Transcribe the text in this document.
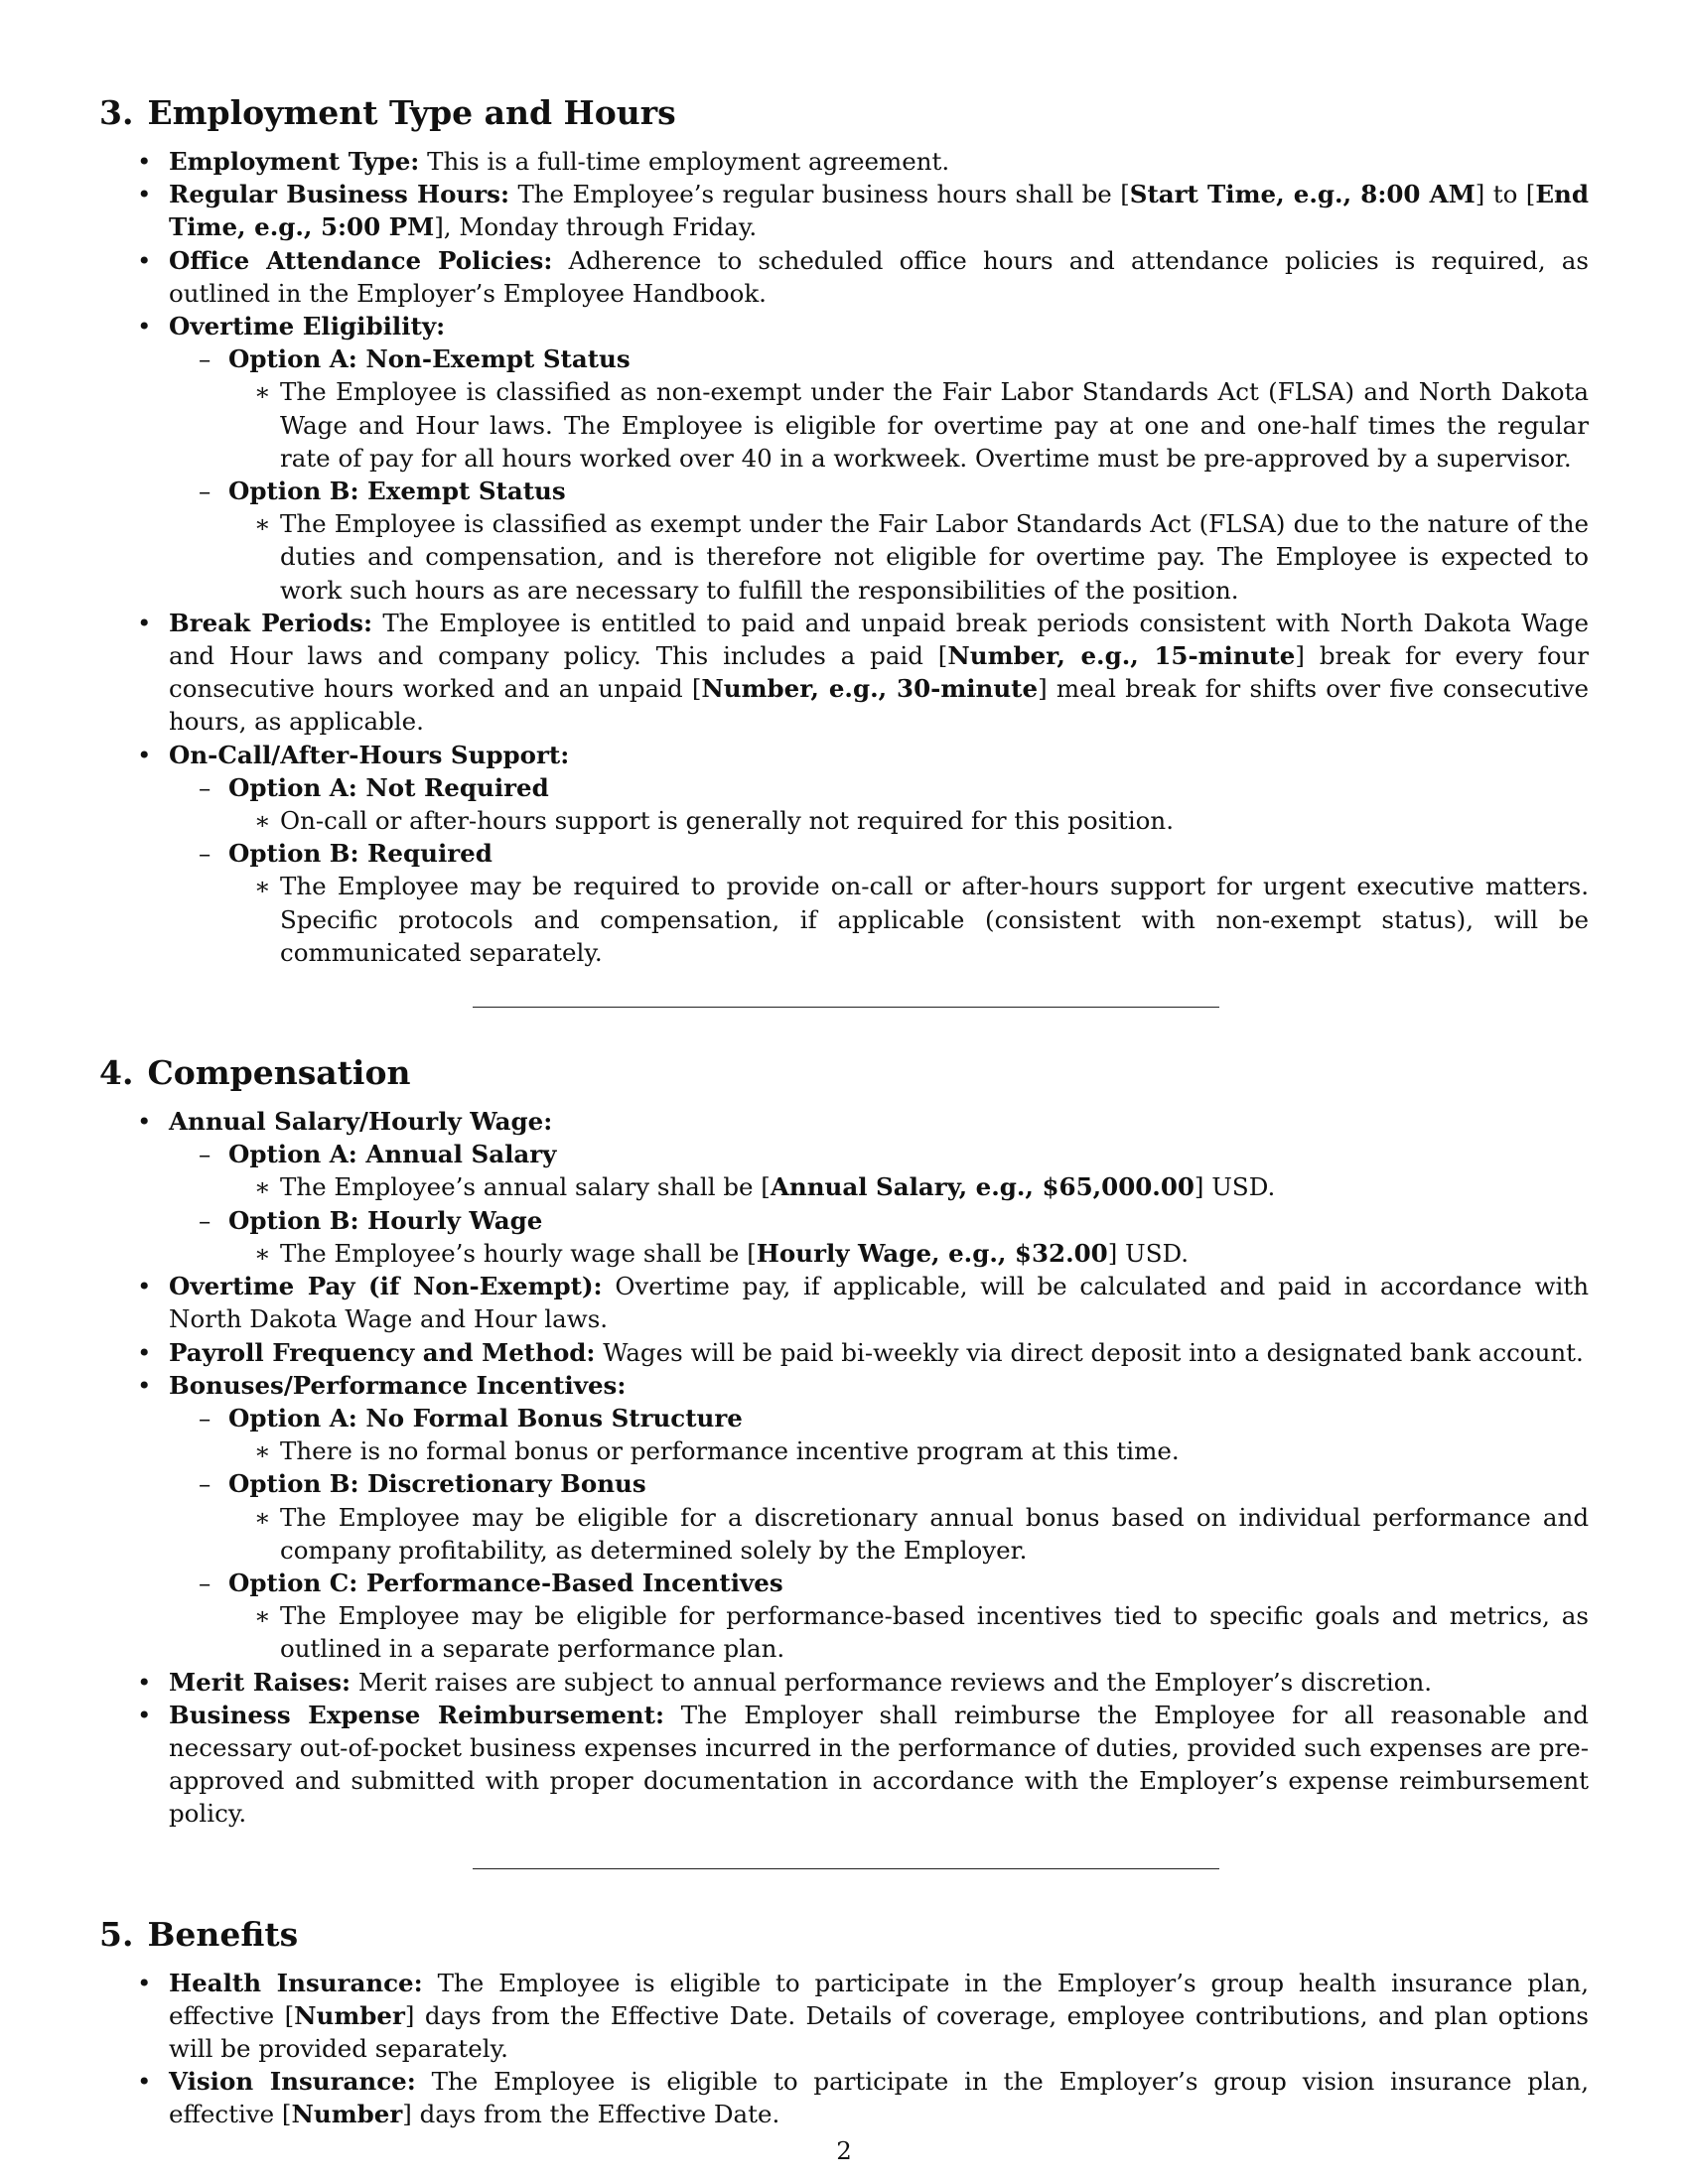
3. Employment Type and Hours
• Employment Type: This is a full-time employment agreement.
• Regular Business Hours: The Employee’s regular business hours shall be [Start Time, e.g., 8:00 AM] to [End Time, e.g., 5:00 PM], Monday through Friday.
• Office Attendance Policies: Adherence to scheduled office hours and attendance policies is required, as outlined in the Employer’s Employee Handbook.
• Overtime Eligibility:
– Option A: Non-Exempt Status
∗ The Employee is classified as non-exempt under the Fair Labor Standards Act (FLSA) and North Dakota Wage and Hour laws. The Employee is eligible for overtime pay at one and one-half times the regular rate of pay for all hours worked over 40 in a workweek. Overtime must be pre-approved by a supervisor.
– Option B: Exempt Status
∗ The Employee is classified as exempt under the Fair Labor Standards Act (FLSA) due to the nature of the duties and compensation, and is therefore not eligible for overtime pay. The Employee is expected to work such hours as are necessary to fulfill the responsibilities of the position.
• Break Periods: The Employee is entitled to paid and unpaid break periods consistent with North Dakota Wage and Hour laws and company policy. This includes a paid [Number, e.g., 15-minute] break for every four consecutive hours worked and an unpaid [Number, e.g., 30-minute] meal break for shifts over five consecutive hours, as applicable.
• On-Call/After-Hours Support:
– Option A: Not Required
∗ On-call or after-hours support is generally not required for this position.
– Option B: Required
∗ The Employee may be required to provide on-call or after-hours support for urgent executive matters. Specific protocols and compensation, if applicable (consistent with non-exempt status), will be communicated separately.
4. Compensation
• Annual Salary/Hourly Wage:
– Option A: Annual Salary
∗ The Employee’s annual salary shall be [Annual Salary, e.g., $65,000.00] USD.
– Option B: Hourly Wage
∗ The Employee’s hourly wage shall be [Hourly Wage, e.g., $32.00] USD.
• Overtime Pay (if Non-Exempt): Overtime pay, if applicable, will be calculated and paid in accordance with North Dakota Wage and Hour laws.
• Payroll Frequency and Method: Wages will be paid bi-weekly via direct deposit into a designated bank account.
• Bonuses/Performance Incentives:
– Option A: No Formal Bonus Structure
∗ There is no formal bonus or performance incentive program at this time.
– Option B: Discretionary Bonus
∗ The Employee may be eligible for a discretionary annual bonus based on individual performance and company profitability, as determined solely by the Employer.
– Option C: Performance-Based Incentives
∗ The Employee may be eligible for performance-based incentives tied to specific goals and metrics, as outlined in a separate performance plan.
• Merit Raises: Merit raises are subject to annual performance reviews and the Employer’s discretion.
• Business Expense Reimbursement: The Employer shall reimburse the Employee for all reasonable and necessary out-of-pocket business expenses incurred in the performance of duties, provided such expenses are pre-approved and submitted with proper documentation in accordance with the Employer’s expense reimbursement policy.
5. Benefits
• Health Insurance: The Employee is eligible to participate in the Employer’s group health insurance plan, effective [Number] days from the Effective Date. Details of coverage, employee contributions, and plan options will be provided separately.
• Vision Insurance: The Employee is eligible to participate in the Employer’s group vision insurance plan, effective [Number] days from the Effective Date.
2
